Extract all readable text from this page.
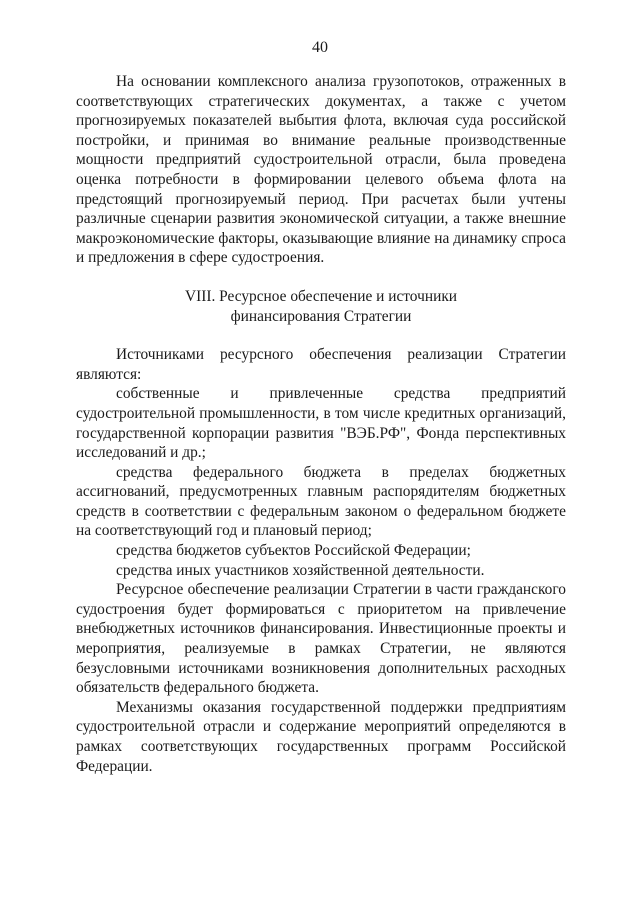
40

На основании комплексного анализа грузопотоков, отраженных в соответствующих стратегических документах, а также с учетом прогнозируемых показателей выбытия флота, включая суда российской постройки, и принимая во внимание реальные производственные мощности предприятий судостроительной отрасли, была проведена оценка потребности в формировании целевого объема флота на предстоящий прогнозируемый период. При расчетах были учтены различные сценарии развития экономической ситуации, а также внешние макроэкономические факторы, оказывающие влияние на динамику спроса и предложения в сфере судостроения.

VIII. Ресурсное обеспечение и источники
финансирования Стратегии

Источниками ресурсного обеспечения реализации Стратегии являются:

собственные и привлеченные средства предприятий судостроительной промышленности, в том числе кредитных организаций, государственной корпорации развития "ВЭБ.РФ", Фонда перспективных исследований и др.;

средства федерального бюджета в пределах бюджетных ассигнований, предусмотренных главным распорядителям бюджетных средств в соответствии с федеральным законом о федеральном бюджете на соответствующий год и плановый период;

средства бюджетов субъектов Российской Федерации;

средства иных участников хозяйственной деятельности.

Ресурсное обеспечение реализации Стратегии в части гражданского судостроения будет формироваться с приоритетом на привлечение внебюджетных источников финансирования. Инвестиционные проекты и мероприятия, реализуемые в рамках Стратегии, не являются безусловными источниками возникновения дополнительных расходных обязательств федерального бюджета.

Механизмы оказания государственной поддержки предприятиям судостроительной отрасли и содержание мероприятий определяются в рамках соответствующих государственных программ Российской Федерации.
